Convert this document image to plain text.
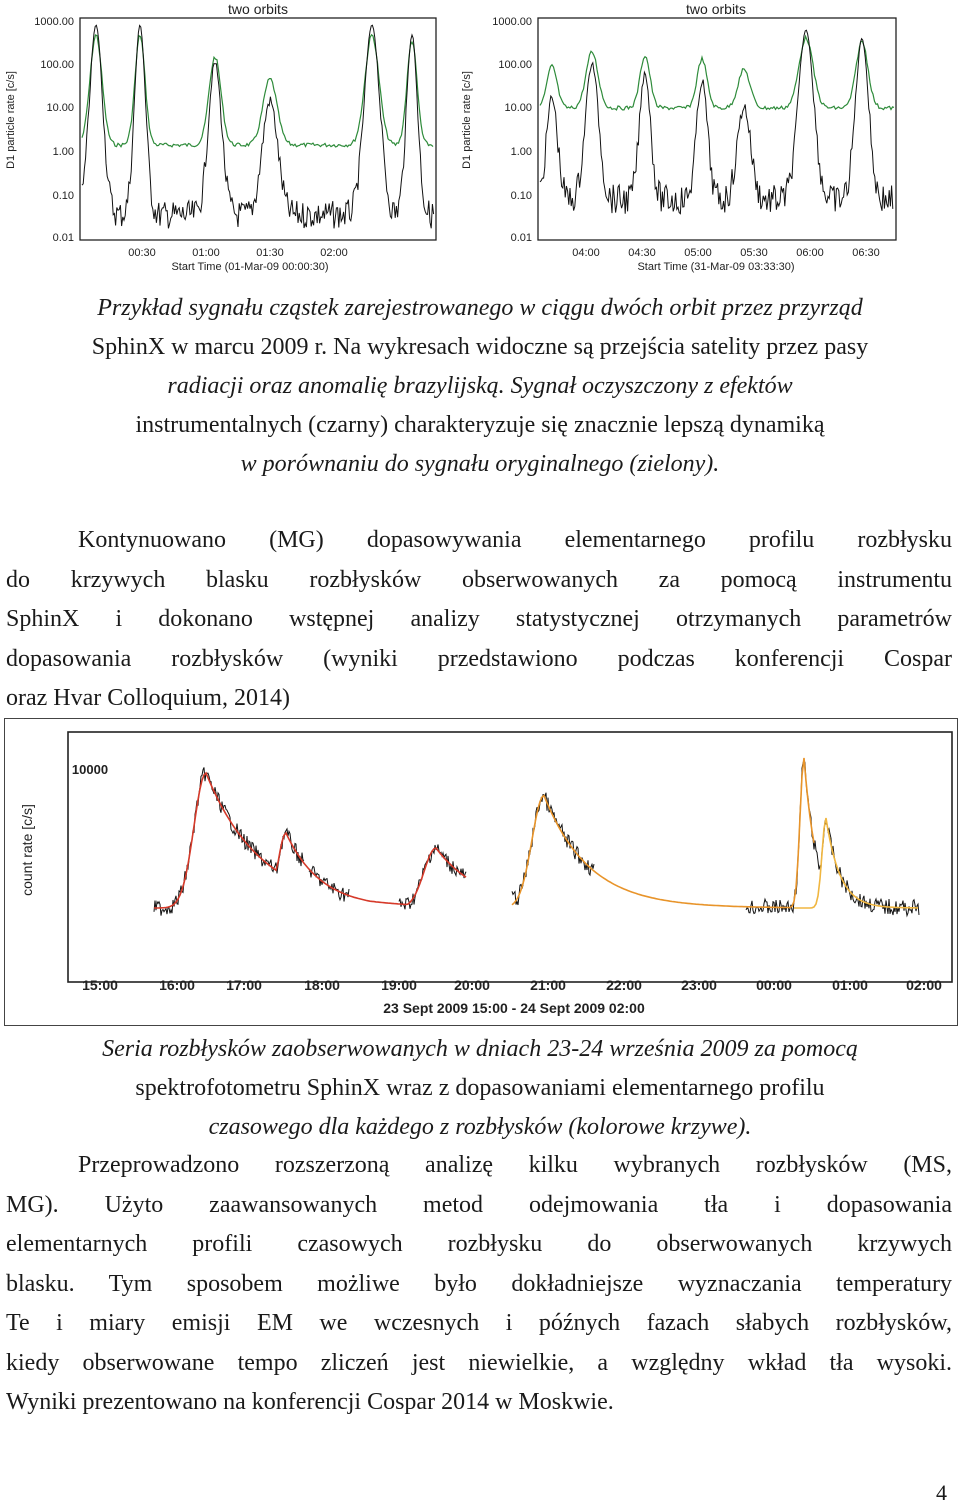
two orbits
D1 particle rate [c/s]
1000.00
100.00
10.00
1.00
0.10
0.01
00:30	01:00	01:30	02:00
Start Time (01-Mar-09 00:00:30)
two orbits
D1 particle rate [c/s]
1000.00
100.00
10.00
1.00
0.10
0.01
04:00	04:30	05:00	05:30	06:00	06:30
Start Time (31-Mar-09 03:33:30)
Przykład sygnału cząstek zarejestrowanego w ciągu dwóch orbit przez przyrząd
SphinX w marcu 2009 r. Na wykresach widoczne są przejścia satelity przez pasy
radiacji oraz anomalię brazylijską. Sygnał oczyszczony z efektów
instrumentalnych (czarny) charakteryzuje się znacznie lepszą dynamiką
w porównaniu do sygnału oryginalnego (zielony).
Kontynuowano (MG) dopasowywania elementarnego profilu rozbłysku
do krzywych blasku rozbłysków obserwowanych za pomocą instrumentu
SphinX i dokonano wstępnej analizy statystycznej otrzymanych parametrów
dopasowania rozbłysków (wyniki przedstawiono podczas konferencji Cospar
oraz Hvar Colloquium, 2014)
count rate [c/s]
10000
15:00	16:00 17:00	18:00	19:00	20:00	21:00	22:00	23:00	00:00	01:00	02:00
23 Sept 2009 15:00 - 24 Sept 2009 02:00
Seria rozbłysków zaobserwowanych w dniach 23-24 września 2009 za pomocą
spektrofotometru SphinX wraz z dopasowaniami elementarnego profilu
czasowego dla każdego z rozbłysków (kolorowe krzywe).
Przeprowadzono rozszerzoną analizę kilku wybranych rozbłysków (MS,
MG). Użyto zaawansowanych metod odejmowania tła i dopasowania
elementarnych profili czasowych rozbłysku do obserwowanych krzywych
blasku. Tym sposobem możliwe było dokładniejsze wyznaczania temperatury
Te i miary emisji EM we wczesnych i późnych fazach słabych rozbłysków,
kiedy obserwowane tempo zliczeń jest niewielkie, a względny wkład tła wysoki.
Wyniki prezentowano na konferencji Cospar 2014 w Moskwie.
4
